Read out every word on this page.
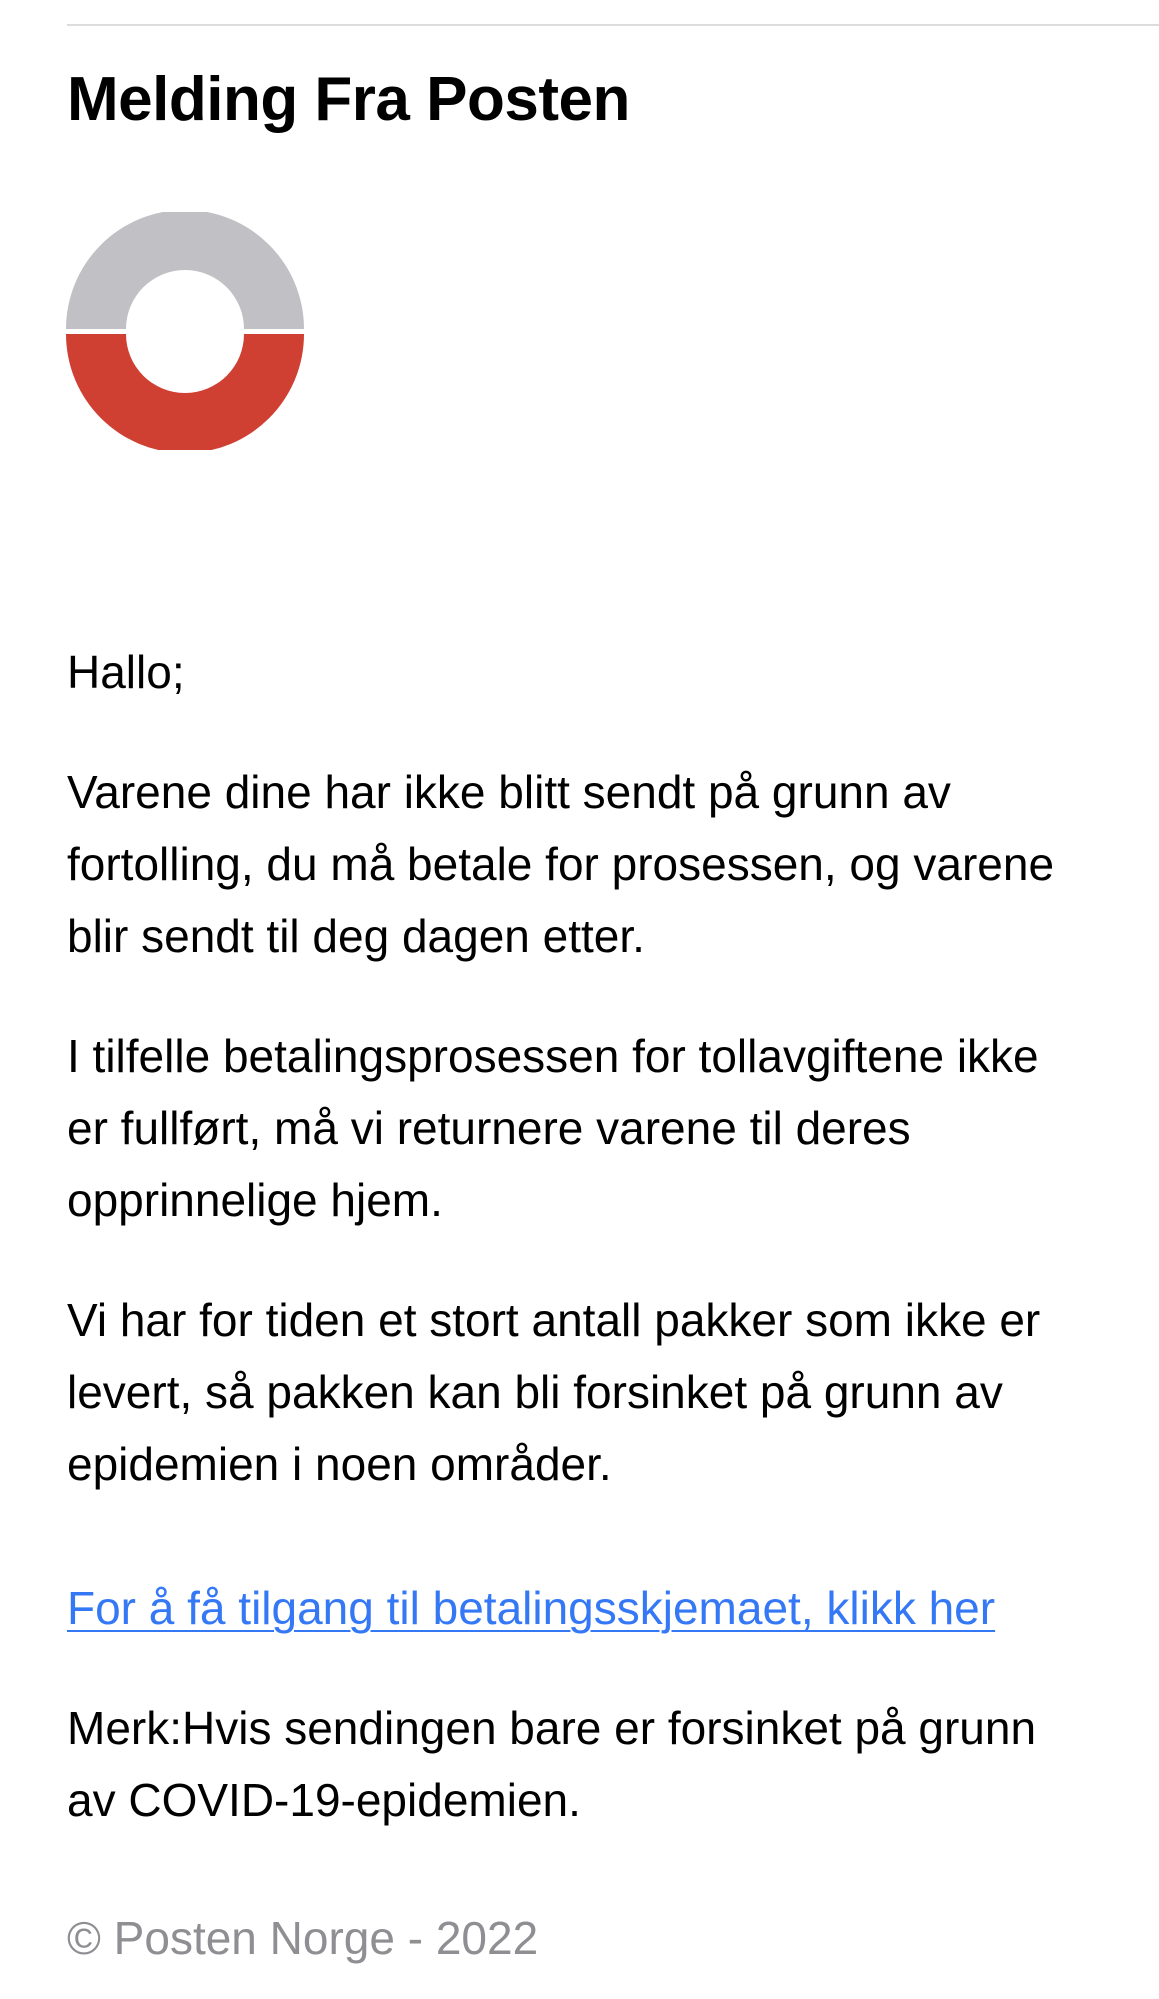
Melding Fra Posten

Hallo;

Varene dine har ikke blitt sendt på grunn av fortolling, du må betale for prosessen, og varene blir sendt til deg dagen etter.

I tilfelle betalingsprosessen for tollavgiftene ikke er fullført, må vi returnere varene til deres opprinnelige hjem.

Vi har for tiden et stort antall pakker som ikke er levert, så pakken kan bli forsinket på grunn av epidemien i noen områder.

For å få tilgang til betalingsskjemaet, klikk her

Merk:Hvis sendingen bare er forsinket på grunn av COVID-19-epidemien.

© Posten Norge - 2022
